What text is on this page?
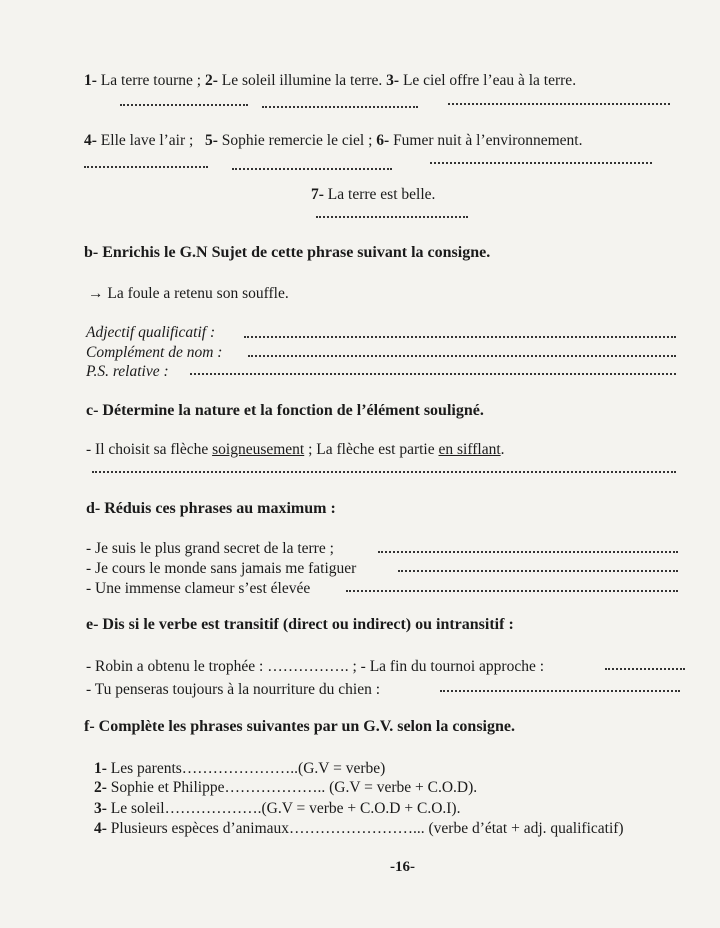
1- La terre tourne ; 2- Le soleil illumine la terre. 3- Le ciel offre l’eau à la terre.
4- Elle lave l’air ; 5- Sophie remercie le ciel ; 6- Fumer nuit à l’environnement.
7- La terre est belle.
b- Enrichis le G.N Sujet de cette phrase suivant la consigne.
→ La foule a retenu son souffle.
Adjectif qualificatif :
Complément de nom :
P.S. relative :
c- Détermine la nature et la fonction de l’élément souligné.
- Il choisit sa flèche soigneusement ; La flèche est partie en sifflant.
d- Réduis ces phrases au maximum :
- Je suis le plus grand secret de la terre ;
- Je cours le monde sans jamais me fatiguer
- Une immense clameur s’est élevée
e- Dis si le verbe est transitif (direct ou indirect) ou intransitif :
- Robin a obtenu le trophée : ……………. ; - La fin du tournoi approche :
- Tu penseras toujours à la nourriture du chien :
f- Complète les phrases suivantes par un G.V. selon la consigne.
1- Les parents…………………..(G.V = verbe)
2- Sophie et Philippe……………….. (G.V = verbe + C.O.D).
3- Le soleil……………….(G.V = verbe + C.O.D + C.O.I).
4- Plusieurs espèces d’animaux……………………... (verbe d’état + adj. qualificatif)
-16-
